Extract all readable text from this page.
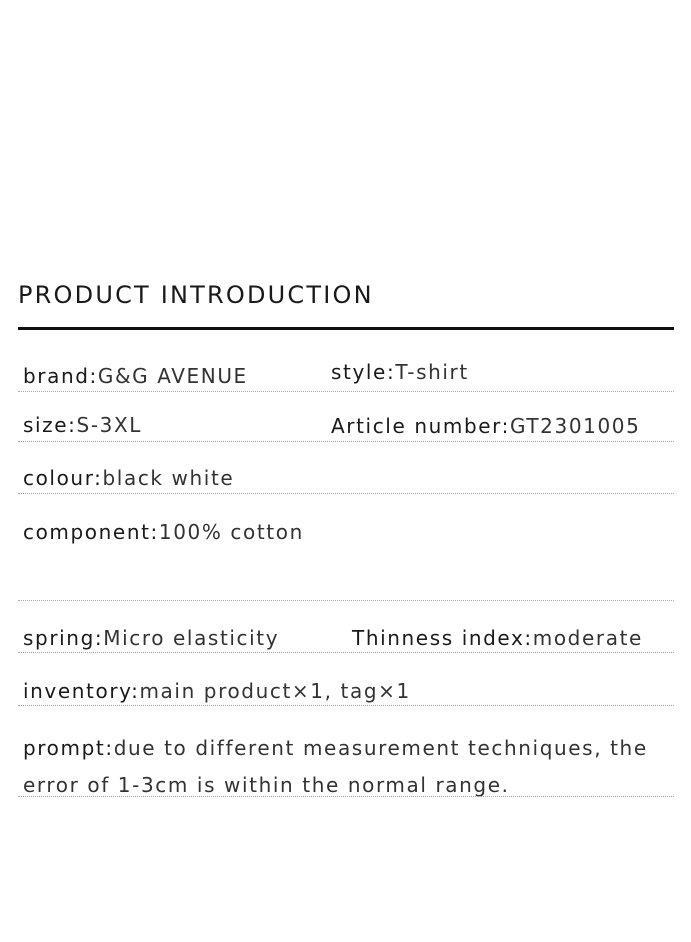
PRODUCT INTRODUCTION
brand:G&G AVENUE	style:T-shirt
size:S-3XL	Article number:GT2301005
colour:black white
component:100% cotton
spring:Micro elasticity	Thinness index:moderate
inventory:main product×1, tag×1
prompt: due to different measurement techniques, the error of 1-3cm is within the normal range.
